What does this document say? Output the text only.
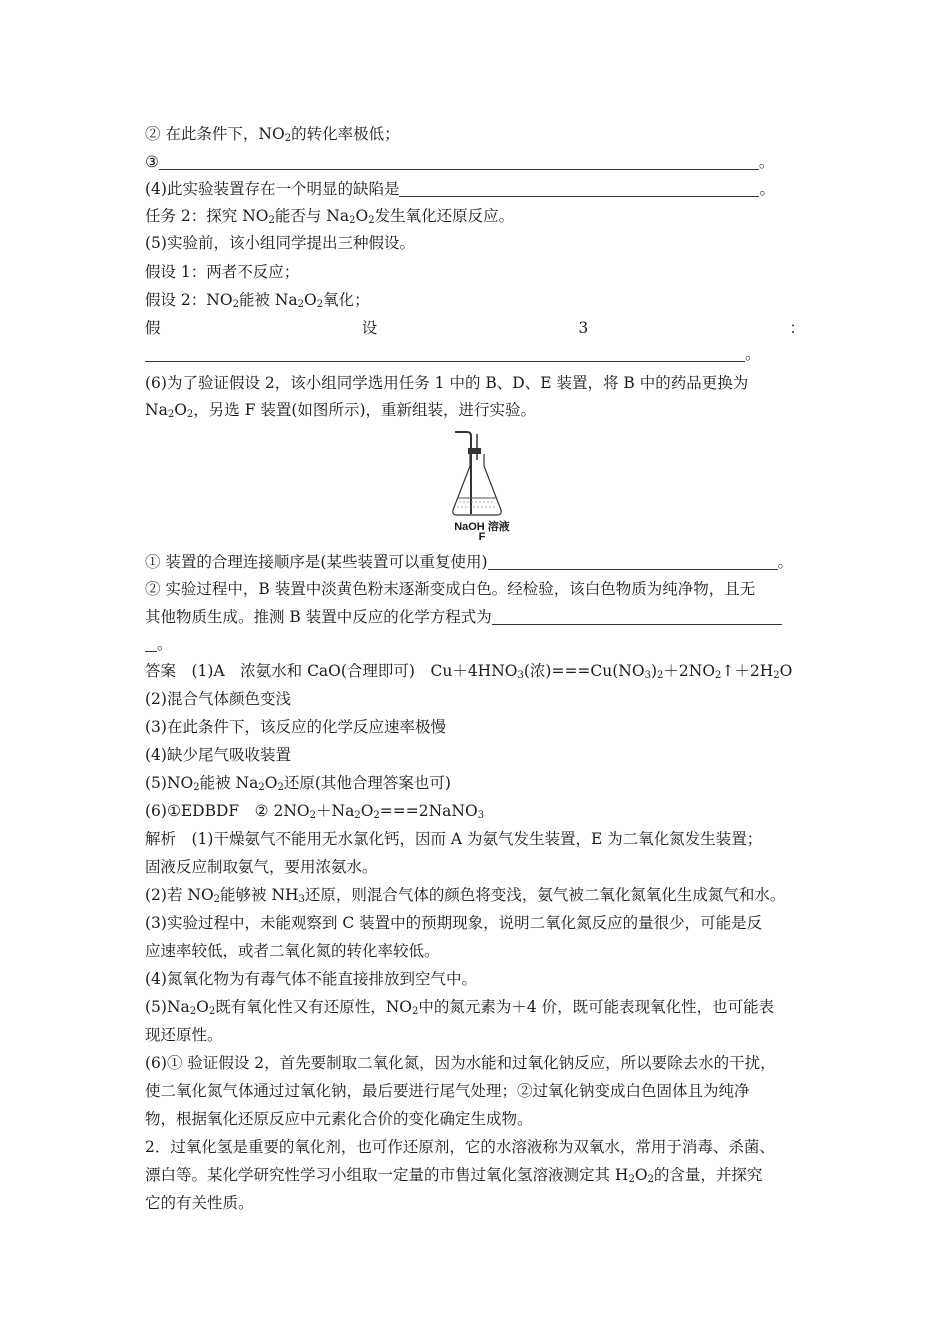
② 在此条件下，$NO_2$的转化率极低；
③	。
(4)此实验装置存在一个明显的缺陷是	。
任务 2：探究 $NO_2$能否与 $Na_2O_2$发生氧化还原反应。
(5)实验前，该小组同学提出三种假设。
假设 1：两者不反应；
假设 2：$NO_2$能被 $Na_2O_2$氧化；
假	设	3	：
。
(6)为了验证假设 2，该小组同学选用任务 1 中的 B、D、E 装置，将 B 中的药品更换为
$Na_2O_2$，另选 F 装置(如图所示)，重新组装，进行实验。
NaOH 溶液
F
① 装置的合理连接顺序是(某些装置可以重复使用)	。
② 实验过程中，B 装置中淡黄色粉末逐渐变成白色。经检验，该白色物质为纯净物，且无
其他物质生成。推测 B 装置中反应的化学方程式为
。
答案　(1)A　浓氨水和 CaO(合理即可)　$Cu+4HNO_3$(浓)$===Cu(NO_3)_2+2NO_2↑+2H_2O$
(2)混合气体颜色变浅
(3)在此条件下，该反应的化学反应速率极慢
(4)缺少尾气吸收装置
$(5)NO_2$能被 $Na_2O_2$还原(其他合理答案也可)
(6)①EDBDF　② $2NO_2+Na_2O_2===2NaNO_3$
解析　(1)干燥氨气不能用无水氯化钙，因而 A 为氨气发生装置，E 为二氧化氮发生装置；
固液反应制取氨气，要用浓氨水。
(2)若 $NO_2$能够被 $NH_3$还原，则混合气体的颜色将变浅，氨气被二氧化氮氧化生成氮气和水。
(3)实验过程中，未能观察到 C 装置中的预期现象，说明二氧化氮反应的量很少，可能是反
应速率较低，或者二氧化氮的转化率较低。
(4)氮氧化物为有毒气体不能直接排放到空气中。
$(5)Na_2O_2$既有氧化性又有还原性，$NO_2$中的氮元素为＋4 价，既可能表现氧化性，也可能表
现还原性。
(6)① 验证假设 2，首先要制取二氧化氮，因为水能和过氧化钠反应，所以要除去水的干扰，
使二氧化氮气体通过过氧化钠，最后要进行尾气处理；②过氧化钠变成白色固体且为纯净
物，根据氧化还原反应中元素化合价的变化确定生成物。
2．过氧化氢是重要的氧化剂，也可作还原剂，它的水溶液称为双氧水，常用于消毒、杀菌、
漂白等。某化学研究性学习小组取一定量的市售过氧化氢溶液测定其 $H_2O_2$的含量，并探究
它的有关性质。
